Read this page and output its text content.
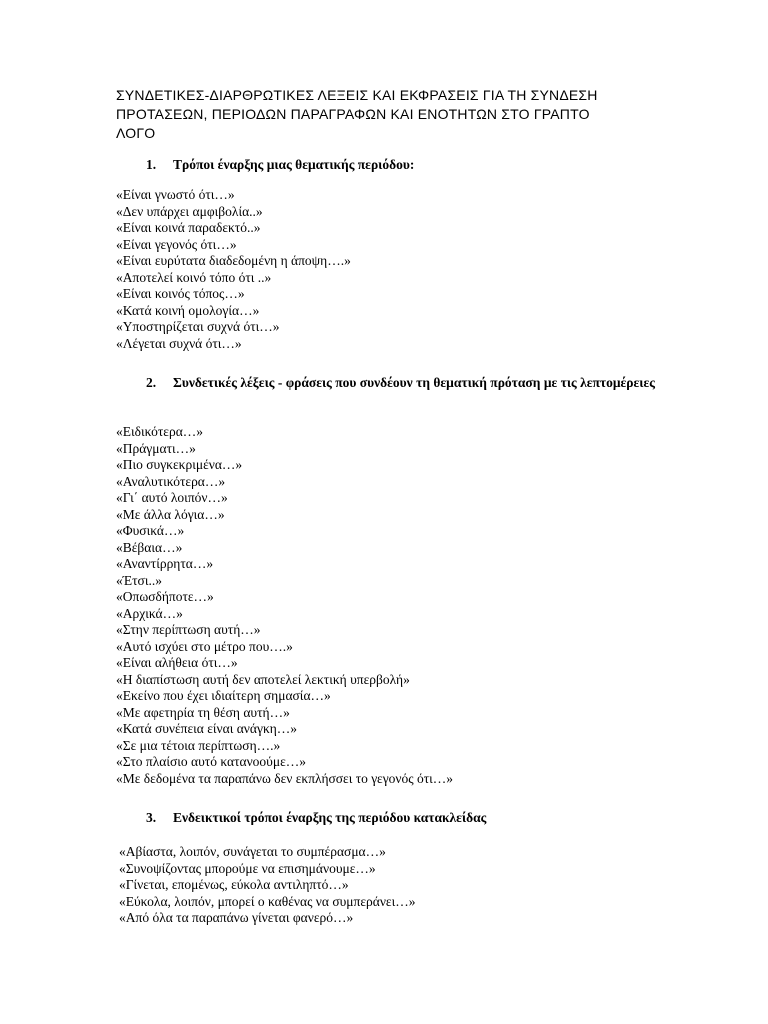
ΣΥΝΔΕΤΙΚΕΣ-ΔΙΑΡΘΡΩΤΙΚΕΣ ΛΕΞΕΙΣ ΚΑΙ ΕΚΦΡΑΣΕΙΣ ΓΙΑ ΤΗ ΣΥΝΔΕΣΗ
ΠΡΟΤΑΣΕΩΝ, ΠΕΡΙΟΔΩΝ ΠΑΡΑΓΡΑΦΩΝ ΚΑΙ ΕΝΟΤΗΤΩΝ ΣΤΟ ΓΡΑΠΤΟ
ΛΟΓΟ
1.	Τρόποι έναρξης μιας θεματικής περιόδου:
«Είναι γνωστό ότι…»
«Δεν υπάρχει αμφιβολία..»
«Είναι κοινά παραδεκτό..»
«Είναι γεγονός ότι…»
«Είναι ευρύτατα διαδεδομένη η άποψη….»
«Αποτελεί κοινό τόπο ότι ..»
«Είναι κοινός τόπος…»
«Κατά κοινή ομολογία…»
«Υποστηρίζεται συχνά ότι…»
«Λέγεται συχνά ότι…»
2.	Συνδετικές λέξεις - φράσεις που συνδέουν τη θεματική πρόταση με τις λεπτομέρειες
«Ειδικότερα…»
«Πράγματι…»
«Πιο συγκεκριμένα…»
«Αναλυτικότερα…»
«Γι΄ αυτό λοιπόν…»
«Με άλλα λόγια…»
«Φυσικά…»
«Βέβαια…»
«Αναντίρρητα…»
«Έτσι..»
«Οπωσδήποτε…»
«Αρχικά…»
«Στην περίπτωση αυτή…»
«Αυτό ισχύει στο μέτρο που….»
«Είναι αλήθεια ότι…»
«Η διαπίστωση αυτή δεν αποτελεί λεκτική υπερβολή»
«Εκείνο που έχει ιδιαίτερη σημασία…»
«Με αφετηρία τη θέση αυτή…»
«Κατά συνέπεια είναι ανάγκη…»
«Σε μια τέτοια περίπτωση….»
«Στο πλαίσιο αυτό κατανοούμε…»
«Με δεδομένα τα παραπάνω δεν εκπλήσσει το γεγονός ότι…»
3.	Ενδεικτικοί τρόποι έναρξης της περιόδου κατακλείδας
«Αβίαστα, λοιπόν, συνάγεται το συμπέρασμα…»
«Συνοψίζοντας μπορούμε να επισημάνουμε…»
«Γίνεται, επομένως, εύκολα αντιληπτό…»
«Εύκολα, λοιπόν, μπορεί ο καθένας να συμπεράνει…»
«Από όλα τα παραπάνω γίνεται φανερό…»
